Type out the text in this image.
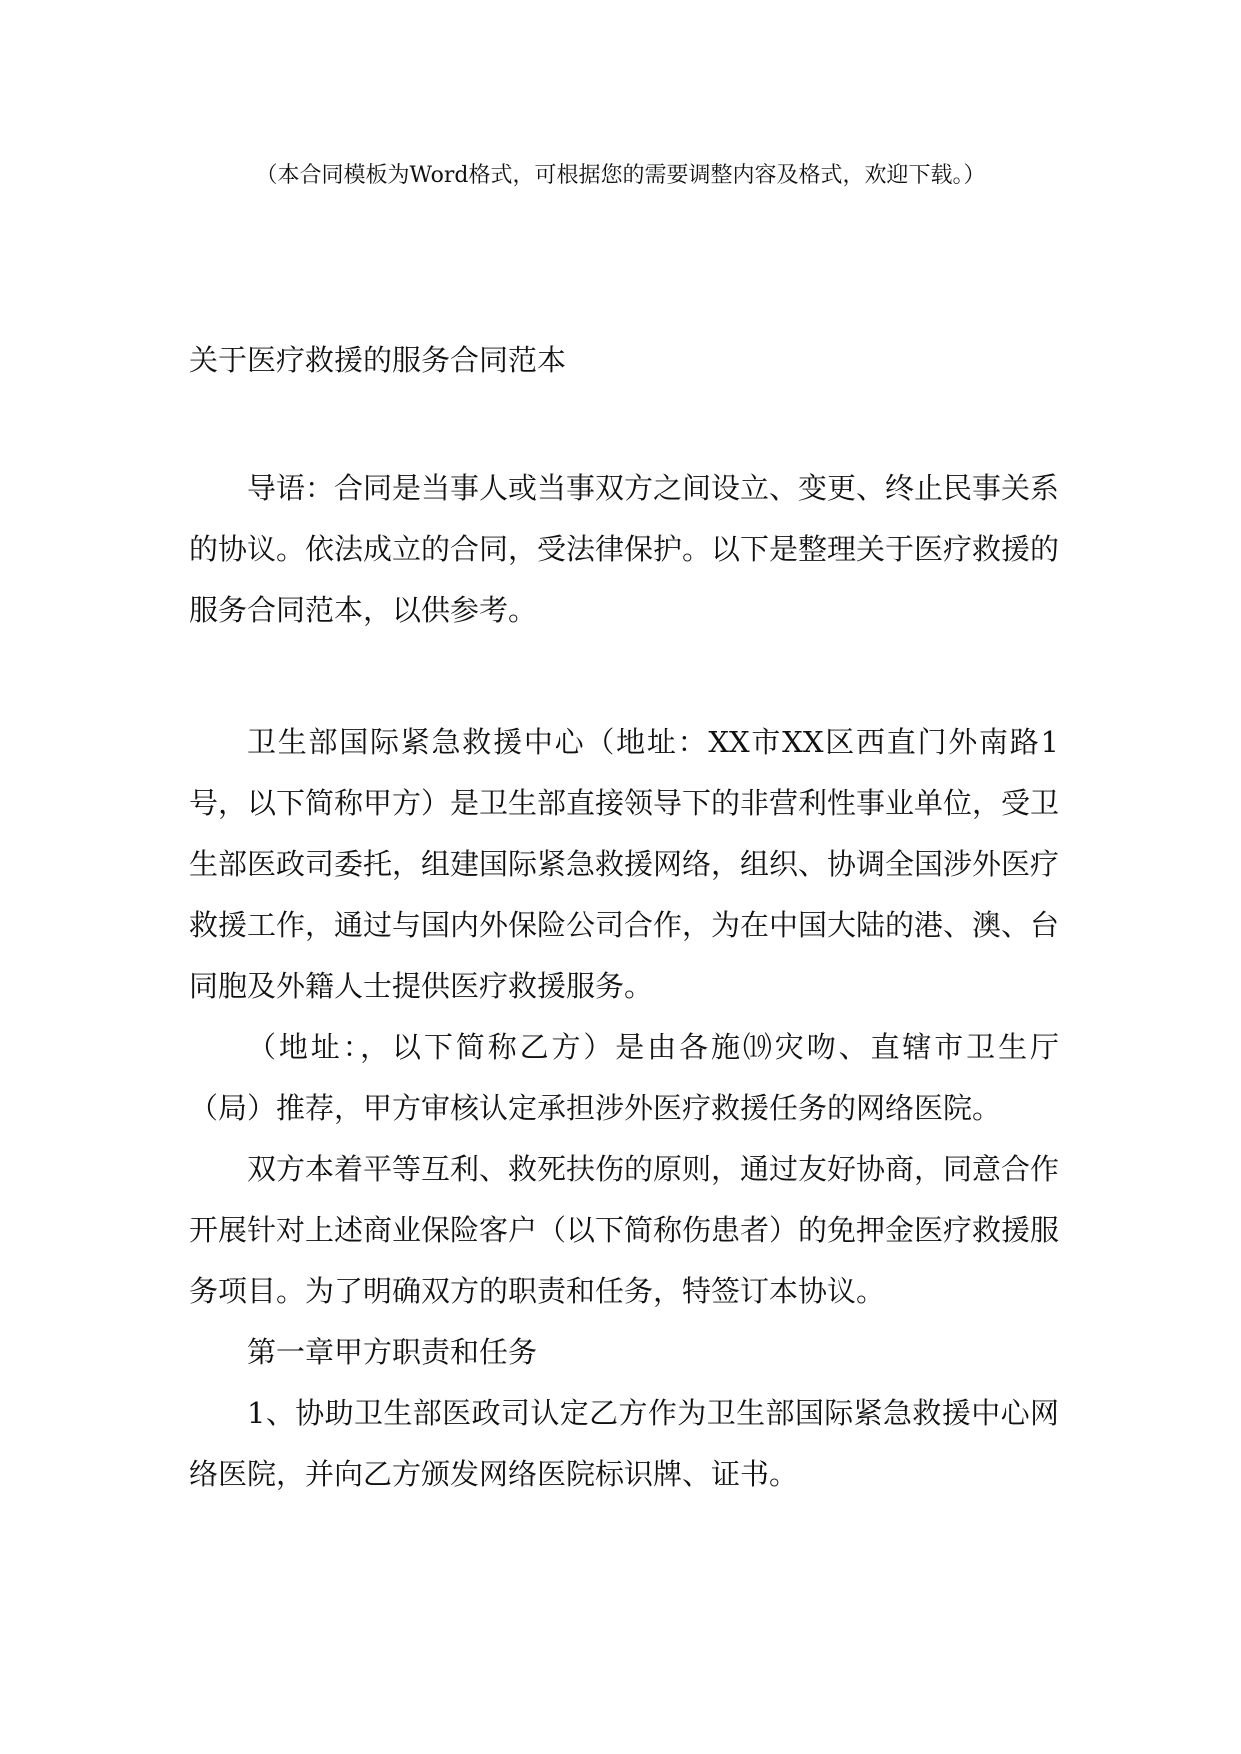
（本合同模板为Word格式，可根据您的需要调整内容及格式，欢迎下载。）
关于医疗救援的服务合同范本

导语：合同是当事人或当事双方之间设立、变更、终止民事关系的协议。依法成立的合同，受法律保护。以下是整理关于医疗救援的服务合同范本，以供参考。

卫生部国际紧急救援中心（地址：XX市XX区西直门外南路1号，以下简称甲方）是卫生部直接领导下的非营利性事业单位，受卫生部医政司委托，组建国际紧急救援网络，组织、协调全国涉外医疗救援工作，通过与国内外保险公司合作，为在中国大陆的港、澳、台同胞及外籍人士提供医疗救援服务。

（地址：，以下简称乙方）是由各施⒆灾吻、直辖市卫生厅（局）推荐，甲方审核认定承担涉外医疗救援任务的网络医院。

双方本着平等互利、救死扶伤的原则，通过友好协商，同意合作开展针对上述商业保险客户（以下简称伤患者）的免押金医疗救援服务项目。为了明确双方的职责和任务，特签订本协议。

第一章甲方职责和任务

1、协助卫生部医政司认定乙方作为卫生部国际紧急救援中心网络医院，并向乙方颁发网络医院标识牌、证书。
